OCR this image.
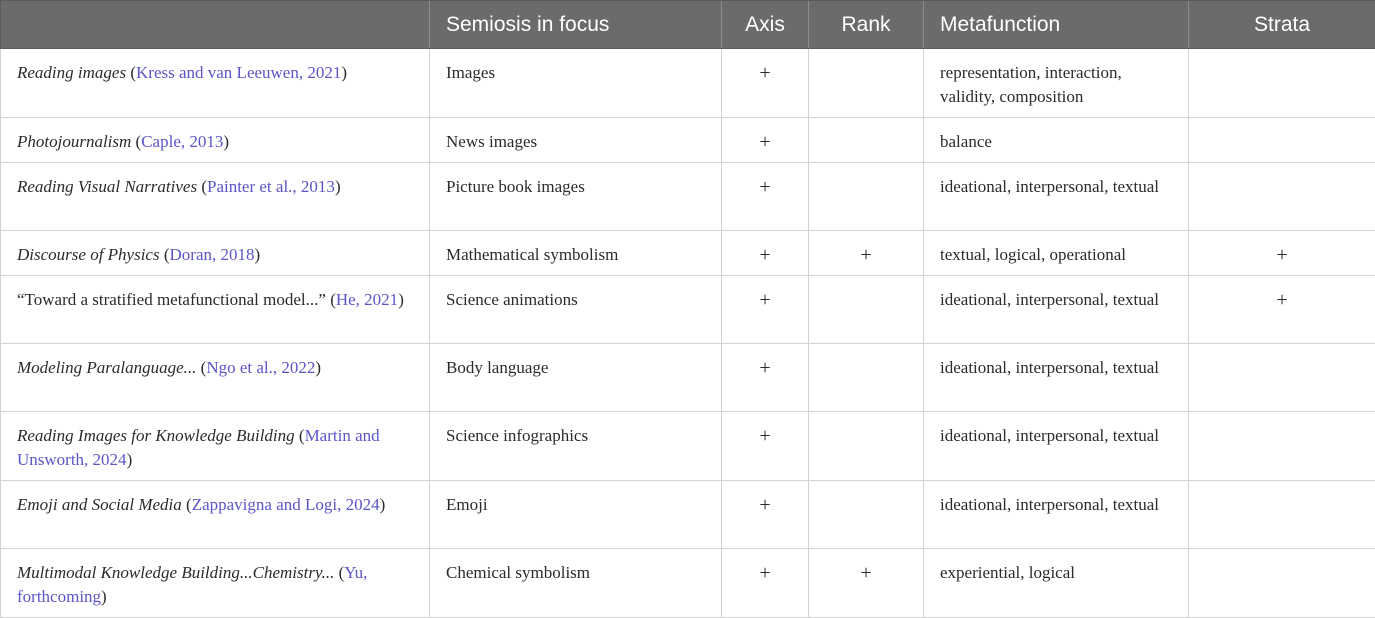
	Semiosis in focus	Axis	Rank	Metafunction	Strata
Reading images (Kress and van Leeuwen, 2021)	Images	+		representation, interaction, validity, composition	
Photojournalism (Caple, 2013)	News images	+		balance	
Reading Visual Narratives (Painter et al., 2013)	Picture book images	+		ideational, interpersonal, textual	
Discourse of Physics (Doran, 2018)	Mathematical symbolism	+	+	textual, logical, operational	+
“Toward a stratified metafunctional model...” (He, 2021)	Science animations	+		ideational, interpersonal, textual	+
Modeling Paralanguage... (Ngo et al., 2022)	Body language	+		ideational, interpersonal, textual	
Reading Images for Knowledge Building (Martin and Unsworth, 2024)	Science infographics	+		ideational, interpersonal, textual	
Emoji and Social Media (Zappavigna and Logi, 2024)	Emoji	+		ideational, interpersonal, textual	
Multimodal Knowledge Building...Chemistry... (Yu, forthcoming)	Chemical symbolism	+	+	experiential, logical	
